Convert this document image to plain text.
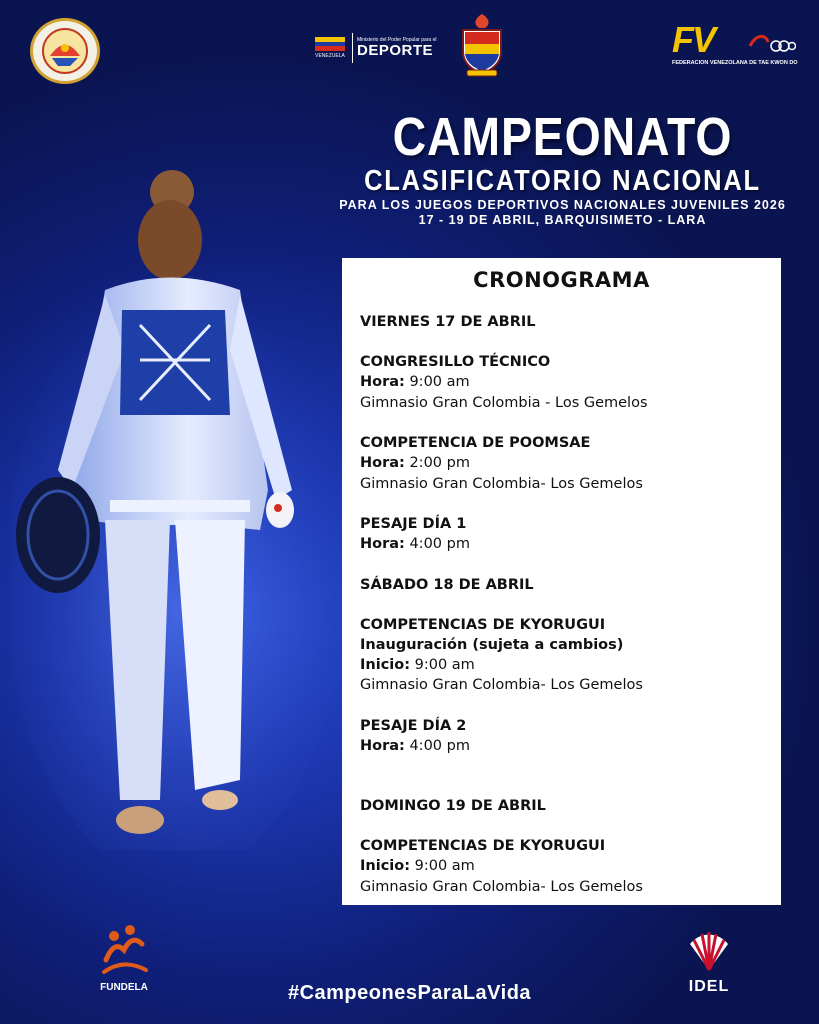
VENEZUELA
Ministerio del Poder Popular para el
DEPORTE	FV
FEDERACION VENEZOLANA DE TAE KWON DO
CAMPEONATO
CLASIFICATORIO NACIONAL
PARA LOS JUEGOS DEPORTIVOS NACIONALES JUVENILES 2026
17 - 19 DE ABRIL, BARQUISIMETO - LARA
CRONOGRAMA
VIERNES 17 DE ABRIL
CONGRESILLO TÉCNICO
Hora: 9:00 am
Gimnasio Gran Colombia - Los Gemelos
COMPETENCIA DE POOMSAE
Hora: 2:00 pm
Gimnasio Gran Colombia- Los Gemelos
PESAJE DÍA 1
Hora: 4:00 pm
SÁBADO 18 DE ABRIL
COMPETENCIAS DE KYORUGUI
Inauguración (sujeta a cambios)
Inicio: 9:00 am
Gimnasio Gran Colombia- Los Gemelos
PESAJE DÍA 2
Hora: 4:00 pm
DOMINGO 19 DE ABRIL
COMPETENCIAS DE KYORUGUI
Inicio: 9:00 am
Gimnasio Gran Colombia- Los Gemelos
FUNDELA	#CampeonesParaLaVida	IDEL
